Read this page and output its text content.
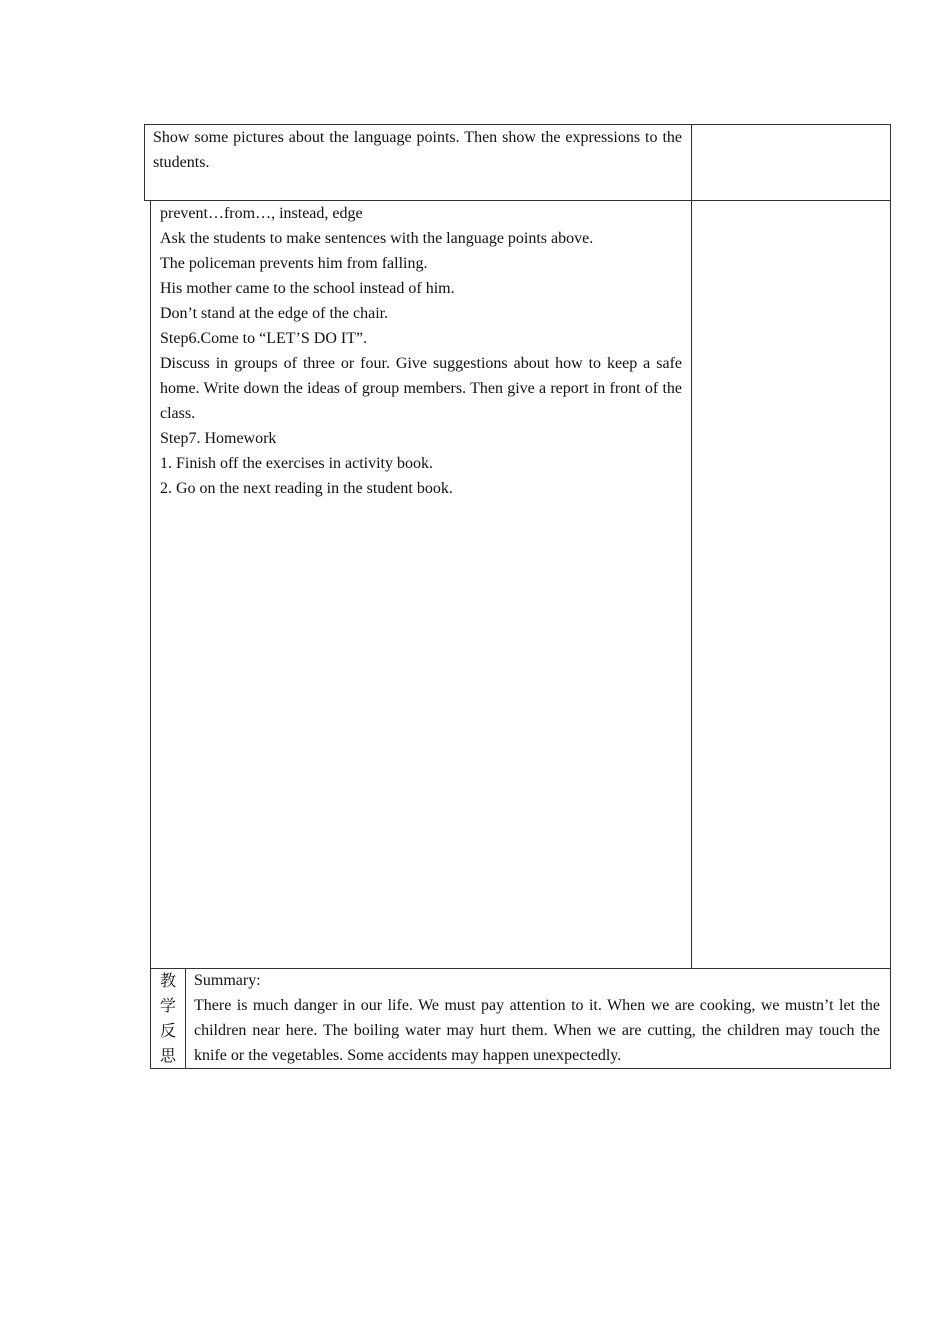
Show some pictures about the language points. Then show the expressions to the students.
prevent…from…, instead, edge
Ask the students to make sentences with the language points above.
The policeman prevents him from falling.
His mother came to the school instead of him.
Don’t stand at the edge of the chair.
Step6.Come to “LET’S DO IT”.
Discuss in groups of three or four. Give suggestions about how to keep a safe home. Write down the ideas of group members. Then give a report in front of the class.
Step7. Homework
1. Finish off the exercises in activity book.
2. Go on the next reading in the student book.
教
学
反
思
Summary:
There is much danger in our life. We must pay attention to it. When we are cooking, we mustn’t let the children near here. The boiling water may hurt them. When we are cutting, the children may touch the knife or the vegetables. Some accidents may happen unexpectedly.
